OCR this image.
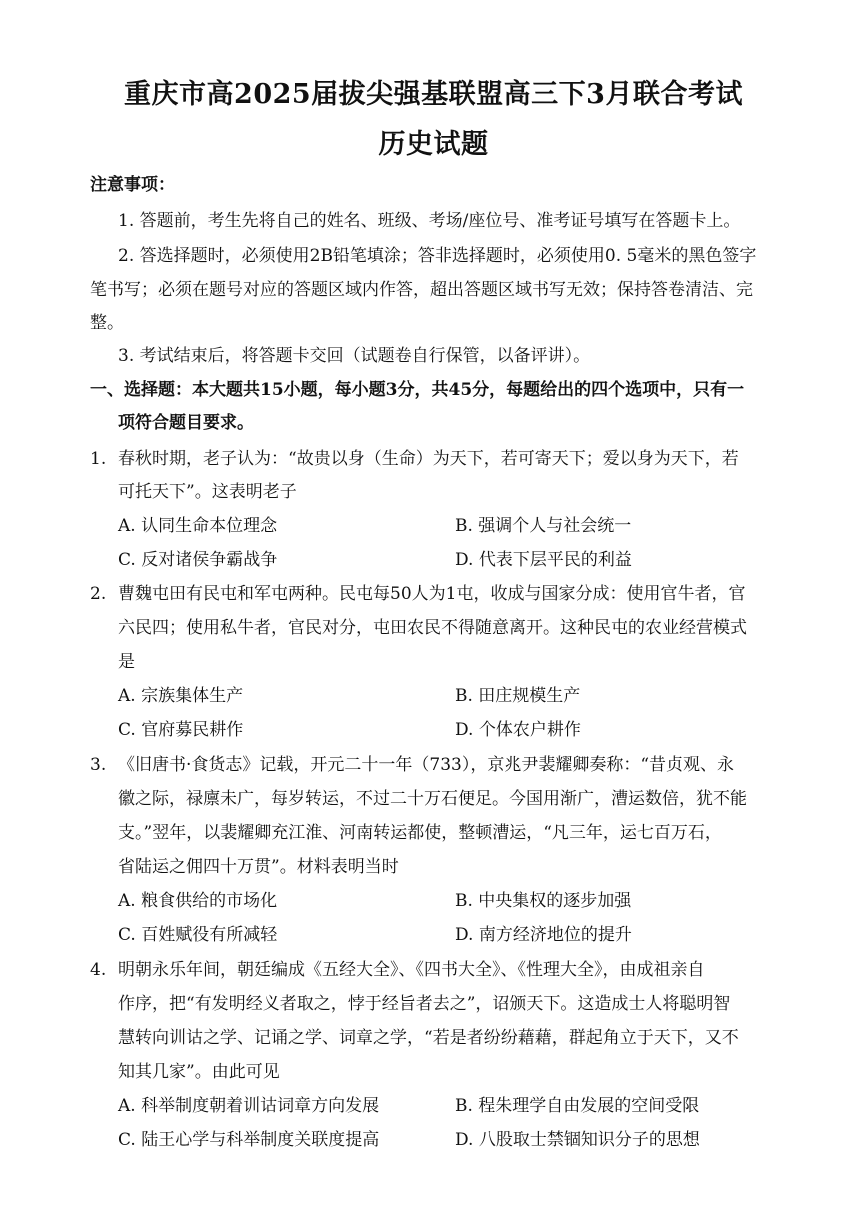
重庆市高2025届拔尖强基联盟高三下3月联合考试
历史试题
注意事项：
1. 答题前，考生先将自己的姓名、班级、考场/座位号、准考证号填写在答题卡上。
2. 答选择题时，必须使用2B铅笔填涂；答非选择题时，必须使用0. 5毫米的黑色签字
笔书写；必须在题号对应的答题区域内作答，超出答题区域书写无效；保持答卷清洁、完
整。
3. 考试结束后，将答题卡交回（试题卷自行保管，以备评讲）。
一、选择题：本大题共15小题，每小题3分，共45分，每题给出的四个选项中，只有一
项符合题目要求。
1. 春秋时期，老子认为：“故贵以身（生命）为天下，若可寄天下；爱以身为天下，若
可托天下”。这表明老子
A. 认同生命本位理念	B. 强调个人与社会统一
C. 反对诸侯争霸战争	D. 代表下层平民的利益
2. 曹魏屯田有民屯和军屯两种。民屯每50人为1屯，收成与国家分成：使用官牛者，官
六民四；使用私牛者，官民对分，屯田农民不得随意离开。这种民屯的农业经营模式
是
A. 宗族集体生产	B. 田庄规模生产
C. 官府募民耕作	D. 个体农户耕作
3. 《旧唐书·食货志》记载，开元二十一年（733），京兆尹裴耀卿奏称：“昔贞观、永
徽之际，禄廪未广，每岁转运，不过二十万石便足。今国用渐广，漕运数倍，犹不能
支。”翌年，以裴耀卿充江淮、河南转运都使，整顿漕运，“凡三年，运七百万石，
省陆运之佣四十万贯”。材料表明当时
A. 粮食供给的市场化	B. 中央集权的逐步加强
C. 百姓赋役有所减轻	D. 南方经济地位的提升
4. 明朝永乐年间，朝廷编成《五经大全》、《四书大全》、《性理大全》，由成祖亲自
作序，把“有发明经义者取之，悖于经旨者去之”，诏颁天下。这造成士人将聪明智
慧转向训诂之学、记诵之学、词章之学，“若是者纷纷藉藉，群起角立于天下，又不
知其几家”。由此可见
A. 科举制度朝着训诂词章方向发展	B. 程朱理学自由发展的空间受限
C. 陆王心学与科举制度关联度提高	D. 八股取士禁锢知识分子的思想
